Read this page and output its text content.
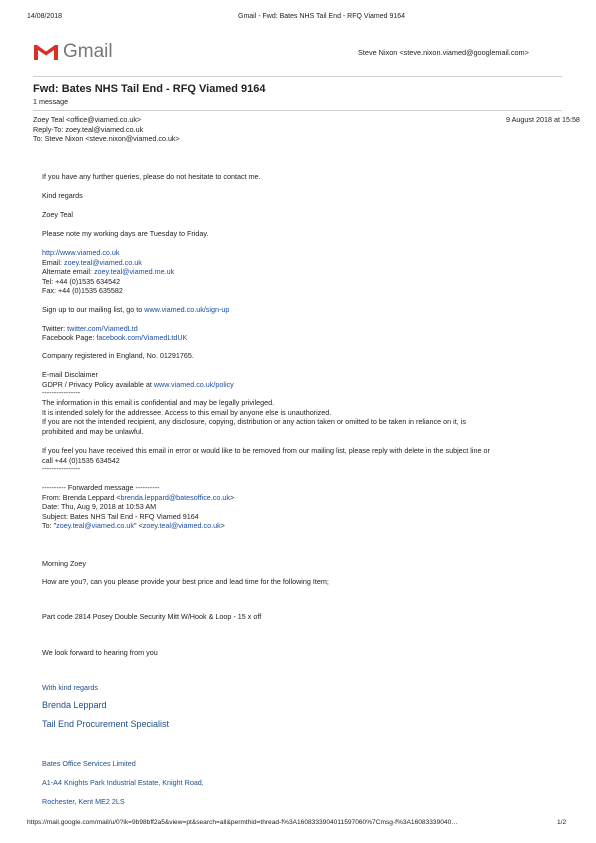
14/08/2018	Gmail - Fwd: Bates NHS Tail End - RFQ Viamed 9164
Gmail	Steve Nixon <steve.nixon.viamed@googlemail.com>
Fwd: Bates NHS Tail End - RFQ Viamed 9164
1 message
Zoey Teal <office@viamed.co.uk>	9 August 2018 at 15:58
Reply-To: zoey.teal@viamed.co.uk
To: Steve Nixon <steve.nixon@viamed.co.uk>
If you have any further queries, please do not hesitate to contact me.
Kind regards
Zoey Teal
Please note my working days are Tuesday to Friday.
http://www.viamed.co.uk
Email: zoey.teal@viamed.co.uk
Alternate email: zoey.teal@viamed.me.uk
Tel: +44 (0)1535 634542
Fax: +44 (0)1535 635582
Sign up to our mailing list, go to www.viamed.co.uk/sign-up
Twitter: twitter.com/ViamedLtd
Facebook Page: facebook.com/ViamedLtdUK
Company registered in England, No. 01291765.
E-mail Disclaimer
GDPR / Privacy Policy available at www.viamed.co.uk/policy
----------------
The information in this email is confidential and may be legally privileged.
It is intended solely for the addressee. Access to this email by anyone else is unauthorized.
If you are not the intended recipient, any disclosure, copying, distribution or any action taken or omitted to be taken in reliance on it, is
prohibited and may be unlawful.
If you feel you have received this email in error or would like to be removed from our mailing list, please reply with delete in the subject line or
call +44 (0)1535 634542
----------------
---------- Forwarded message ----------
From: Brenda Leppard <brenda.leppard@batesoffice.co.uk>
Date: Thu, Aug 9, 2018 at 10:53 AM
Subject: Bates NHS Tail End - RFQ Viamed 9164
To: "zoey.teal@viamed.co.uk" <zoey.teal@viamed.co.uk>
Morning Zoey
How are you?, can you please provide your best price and lead time for the following Item;
Part code 2814 Posey Double Security Mitt W/Hook & Loop - 15 x off
We look forward to hearing from you
With kind regards
Brenda Leppard
Tail End Procurement Specialist
Bates Office Services Limited
A1-A4 Knights Park Industrial Estate, Knight Road,
Rochester, Kent ME2 2LS
https://mail.google.com/mail/u/0?ik=9b98bff2a5&view=pt&search=all&permthid=thread-f%3A1608333904011597060%7Cmsg-f%3A16083339040…	1/2
